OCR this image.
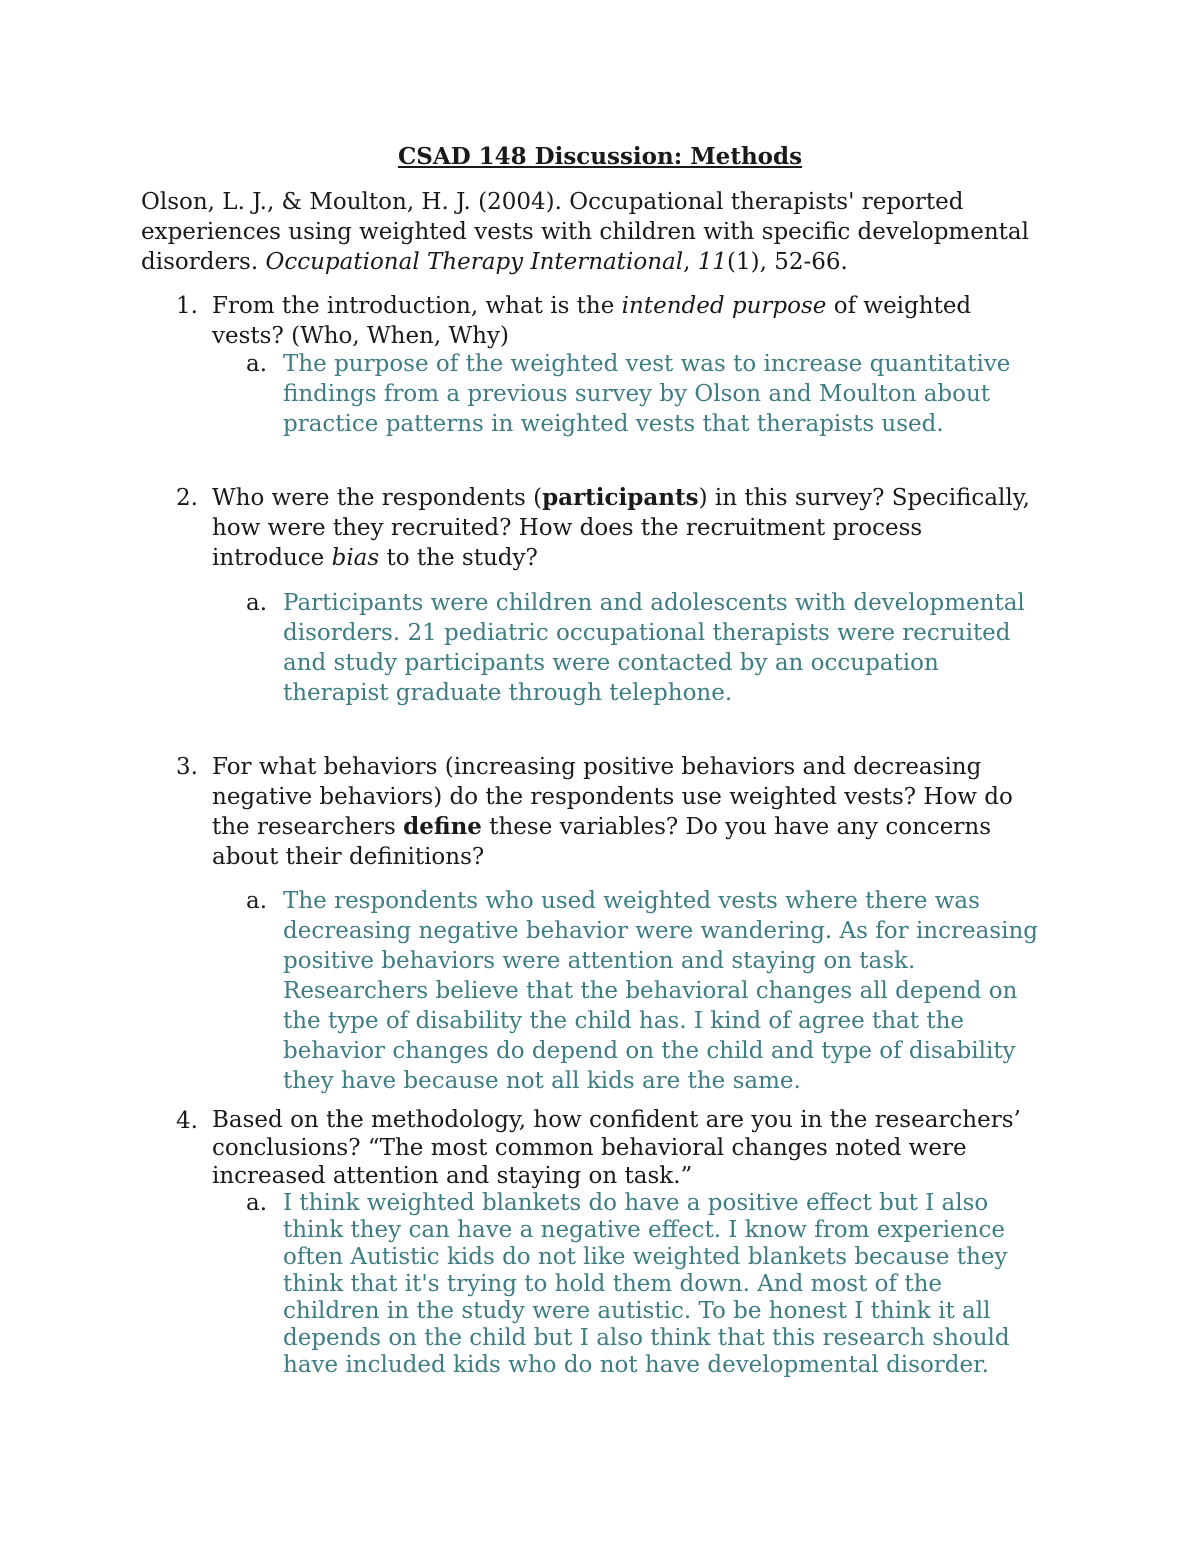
CSAD 148 Discussion: Methods
Olson, L. J., & Moulton, H. J. (2004). Occupational therapists' reported
experiences using weighted vests with children with specific developmental
disorders. Occupational Therapy International, 11(1), 52-66.
1. From the introduction, what is the intended purpose of weighted
vests? (Who, When, Why)
a. The purpose of the weighted vest was to increase quantitative
findings from a previous survey by Olson and Moulton about
practice patterns in weighted vests that therapists used.
2. Who were the respondents (participants) in this survey? Specifically,
how were they recruited? How does the recruitment process
introduce bias to the study?
a. Participants were children and adolescents with developmental
disorders. 21 pediatric occupational therapists were recruited
and study participants were contacted by an occupation
therapist graduate through telephone.
3. For what behaviors (increasing positive behaviors and decreasing
negative behaviors) do the respondents use weighted vests? How do
the researchers define these variables? Do you have any concerns
about their definitions?
a. The respondents who used weighted vests where there was
decreasing negative behavior were wandering. As for increasing
positive behaviors were attention and staying on task.
Researchers believe that the behavioral changes all depend on
the type of disability the child has. I kind of agree that the
behavior changes do depend on the child and type of disability
they have because not all kids are the same.
4. Based on the methodology, how confident are you in the researchers’
conclusions? “The most common behavioral changes noted were
increased attention and staying on task.”
a. I think weighted blankets do have a positive effect but I also
think they can have a negative effect. I know from experience
often Autistic kids do not like weighted blankets because they
think that it's trying to hold them down. And most of the
children in the study were autistic. To be honest I think it all
depends on the child but I also think that this research should
have included kids who do not have developmental disorder.
